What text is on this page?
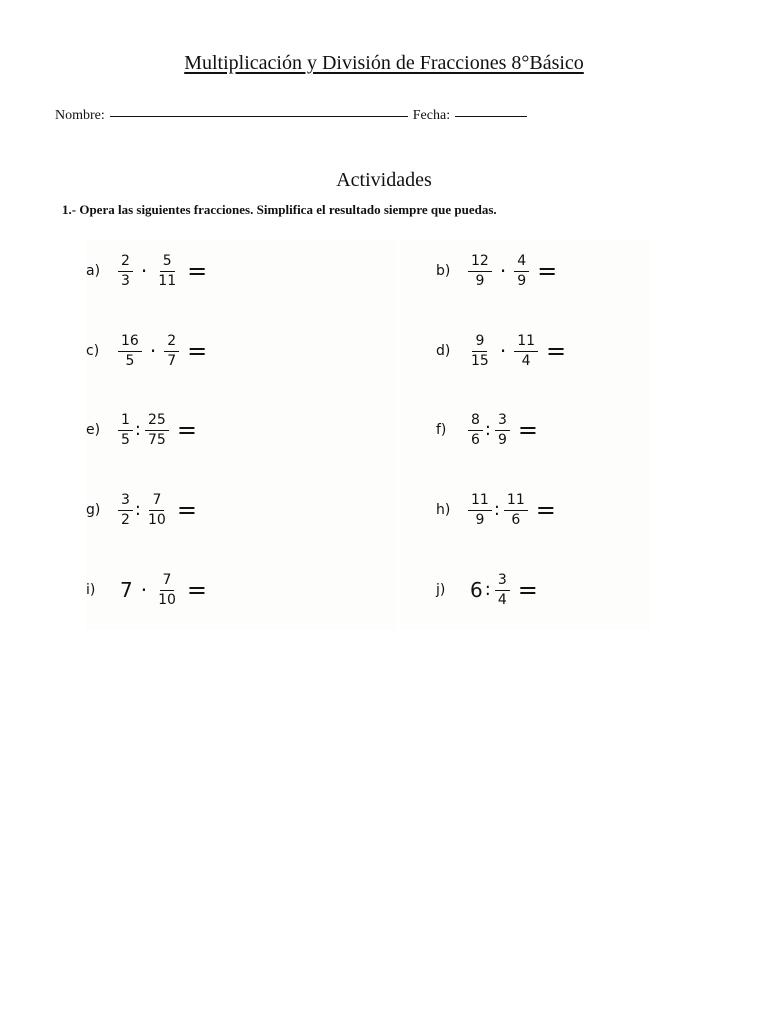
Multiplicación y División de Fracciones 8°Básico
Nombre:	Fecha:
Actividades
1.- Opera las siguientes fracciones. Simplifica el resultado siempre que puedas.
a)	$\frac{2}{3} \cdot \frac{5}{11}$ =
c)	$\frac{16}{5} \cdot \frac{2}{7}$ =
e)	$\frac{1}{5}$ : $\frac{25}{75}$ =
g)	$\frac{3}{2}$ : $\frac{7}{10}$ =
i)	$7 \cdot \frac{7}{10}$ =
b)	$\frac{12}{9} \cdot \frac{4}{9}$ =
d)	$\frac{9}{15} \cdot \frac{11}{4}$ =
f)	$\frac{8}{6}$ : $\frac{3}{9}$ =
h)	$\frac{11}{9}$ : $\frac{11}{6}$ =
j)	6 : $\frac{3}{4}$ =
